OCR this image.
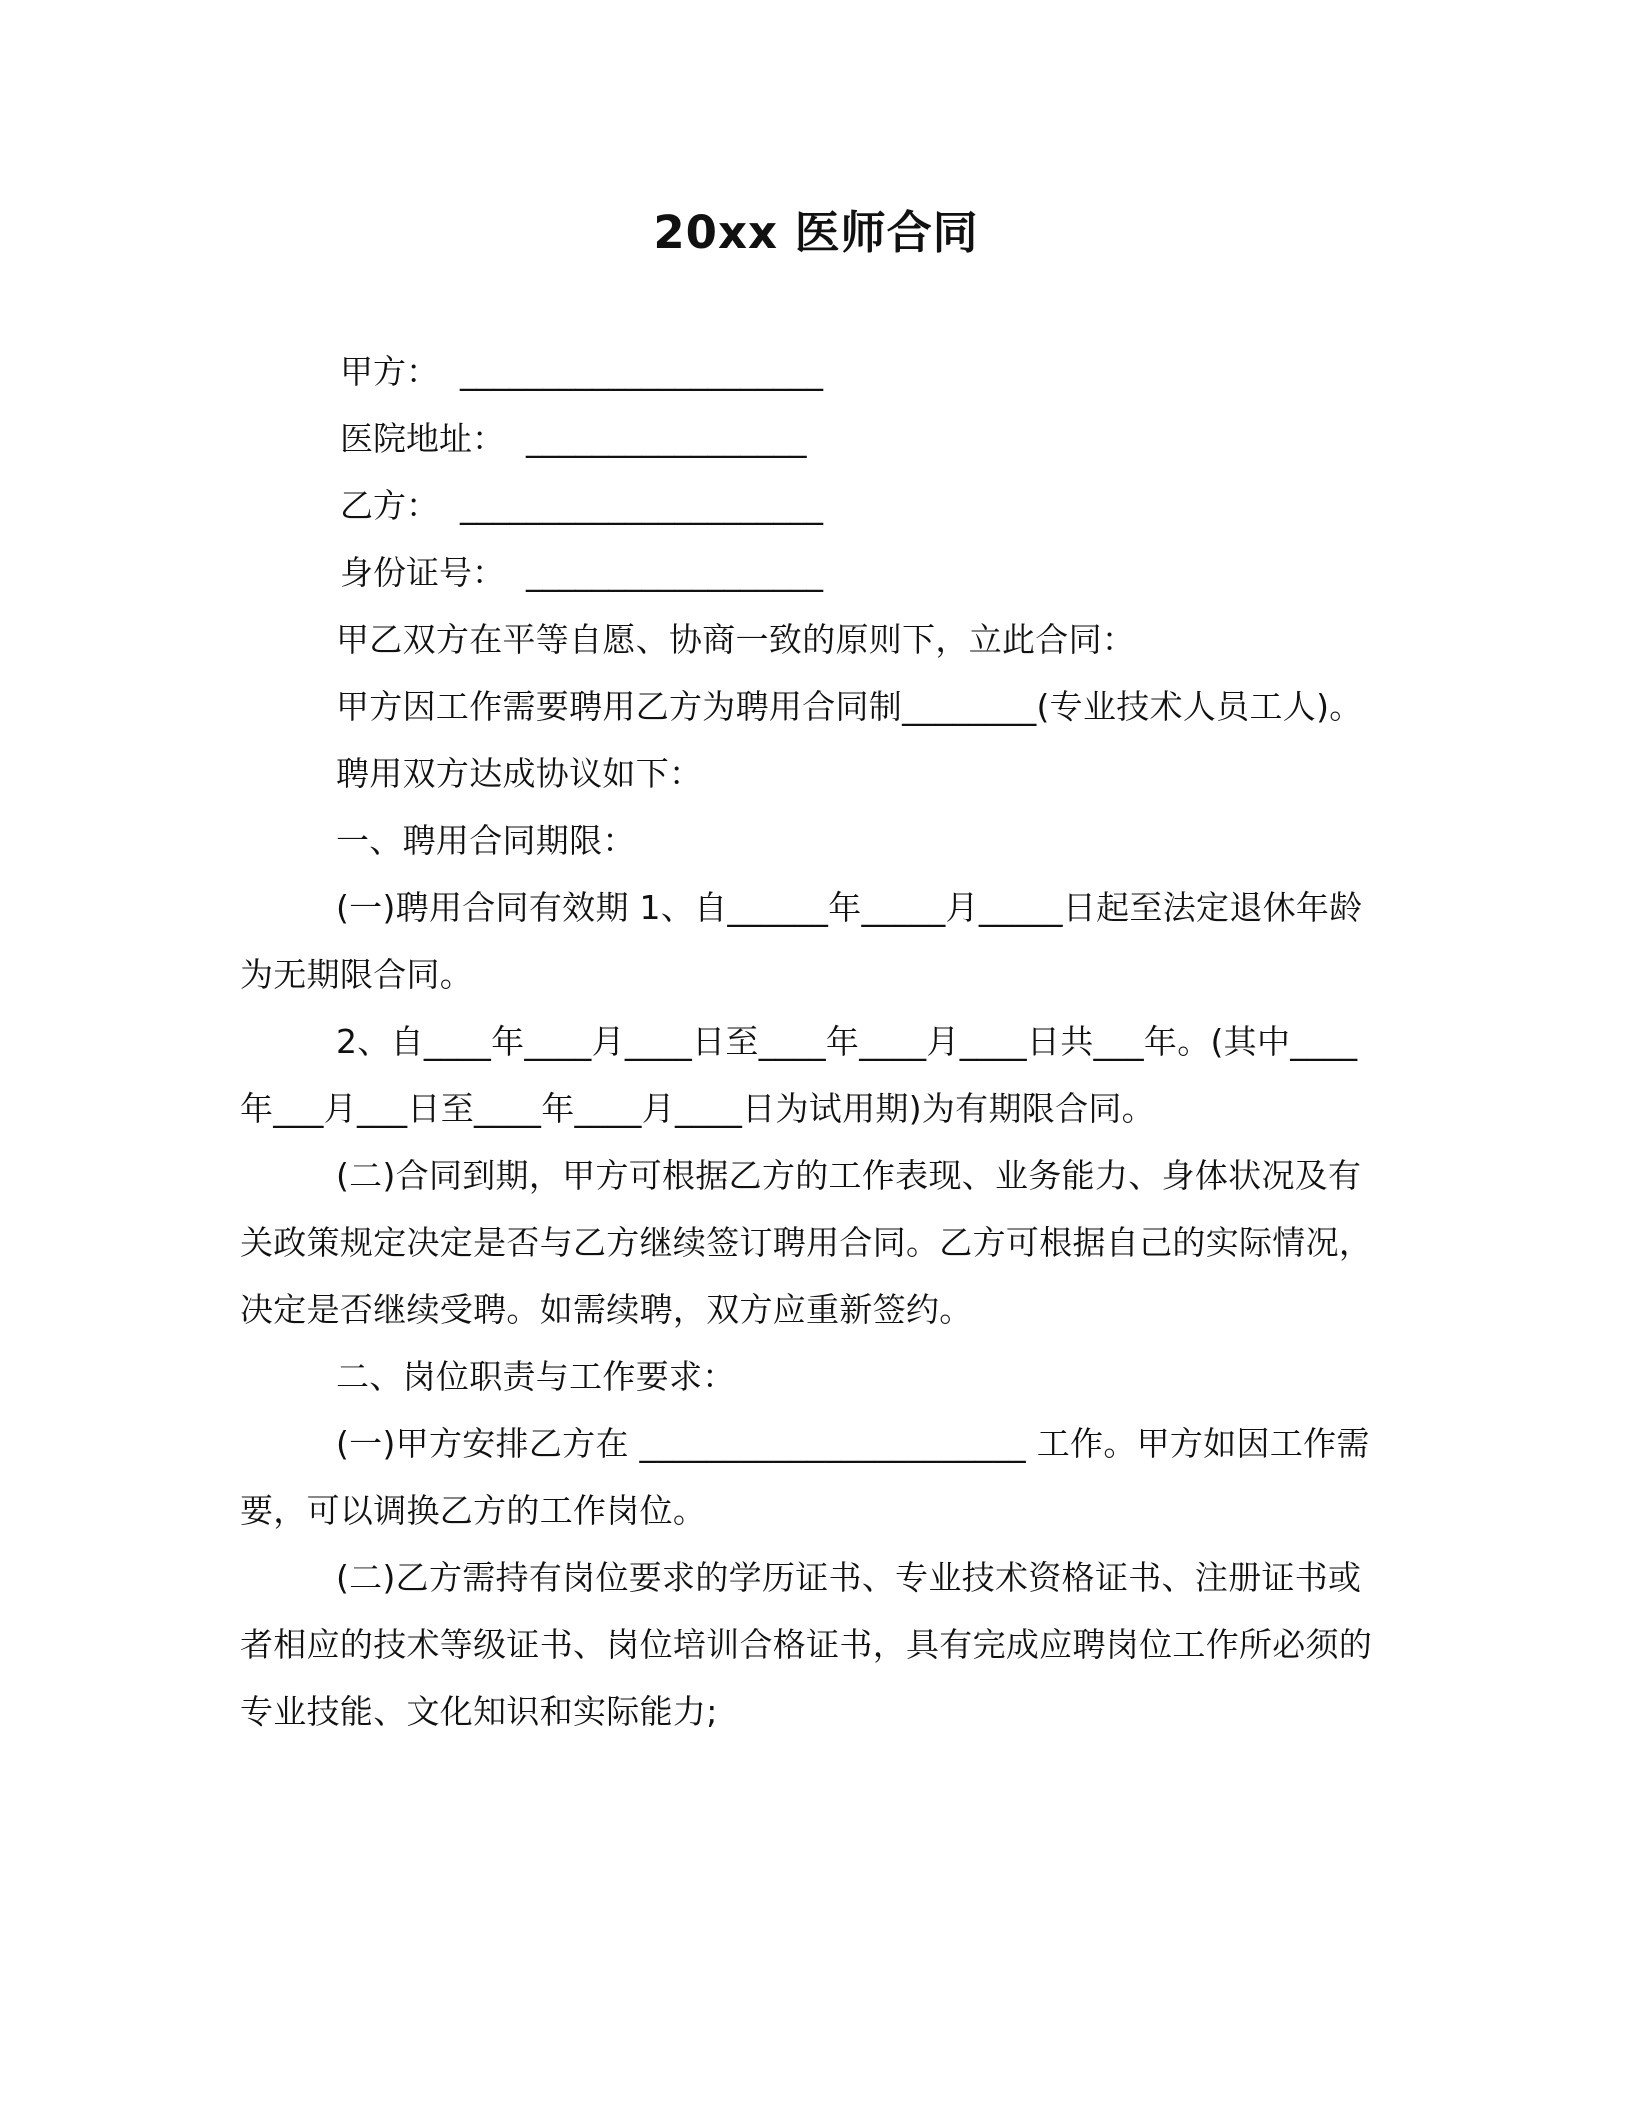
20xx 医师合同

甲方：  ______________________

医院地址：  _________________

乙方：  ______________________

身份证号：  __________________

甲乙双方在平等自愿、协商一致的原则下，立此合同：

甲方因工作需要聘用乙方为聘用合同制________(专业技术人员工人)。

聘用双方达成协议如下：

一、聘用合同期限：

(一)聘用合同有效期 1、自______年_____月_____日起至法定退休年龄为无期限合同。

2、自____年____月____日至____年____月____日共___年。(其中____年___月___日至____年____月____日为试用期)为有期限合同。

(二)合同到期，甲方可根据乙方的工作表现、业务能力、身体状况及有关政策规定决定是否与乙方继续签订聘用合同。乙方可根据自己的实际情况，决定是否继续受聘。如需续聘，双方应重新签约。

二、岗位职责与工作要求：

(一)甲方安排乙方在 _______________________ 工作。甲方如因工作需要，可以调换乙方的工作岗位。

(二)乙方需持有岗位要求的学历证书、专业技术资格证书、注册证书或者相应的技术等级证书、岗位培训合格证书，具有完成应聘岗位工作所必须的专业技能、文化知识和实际能力;
